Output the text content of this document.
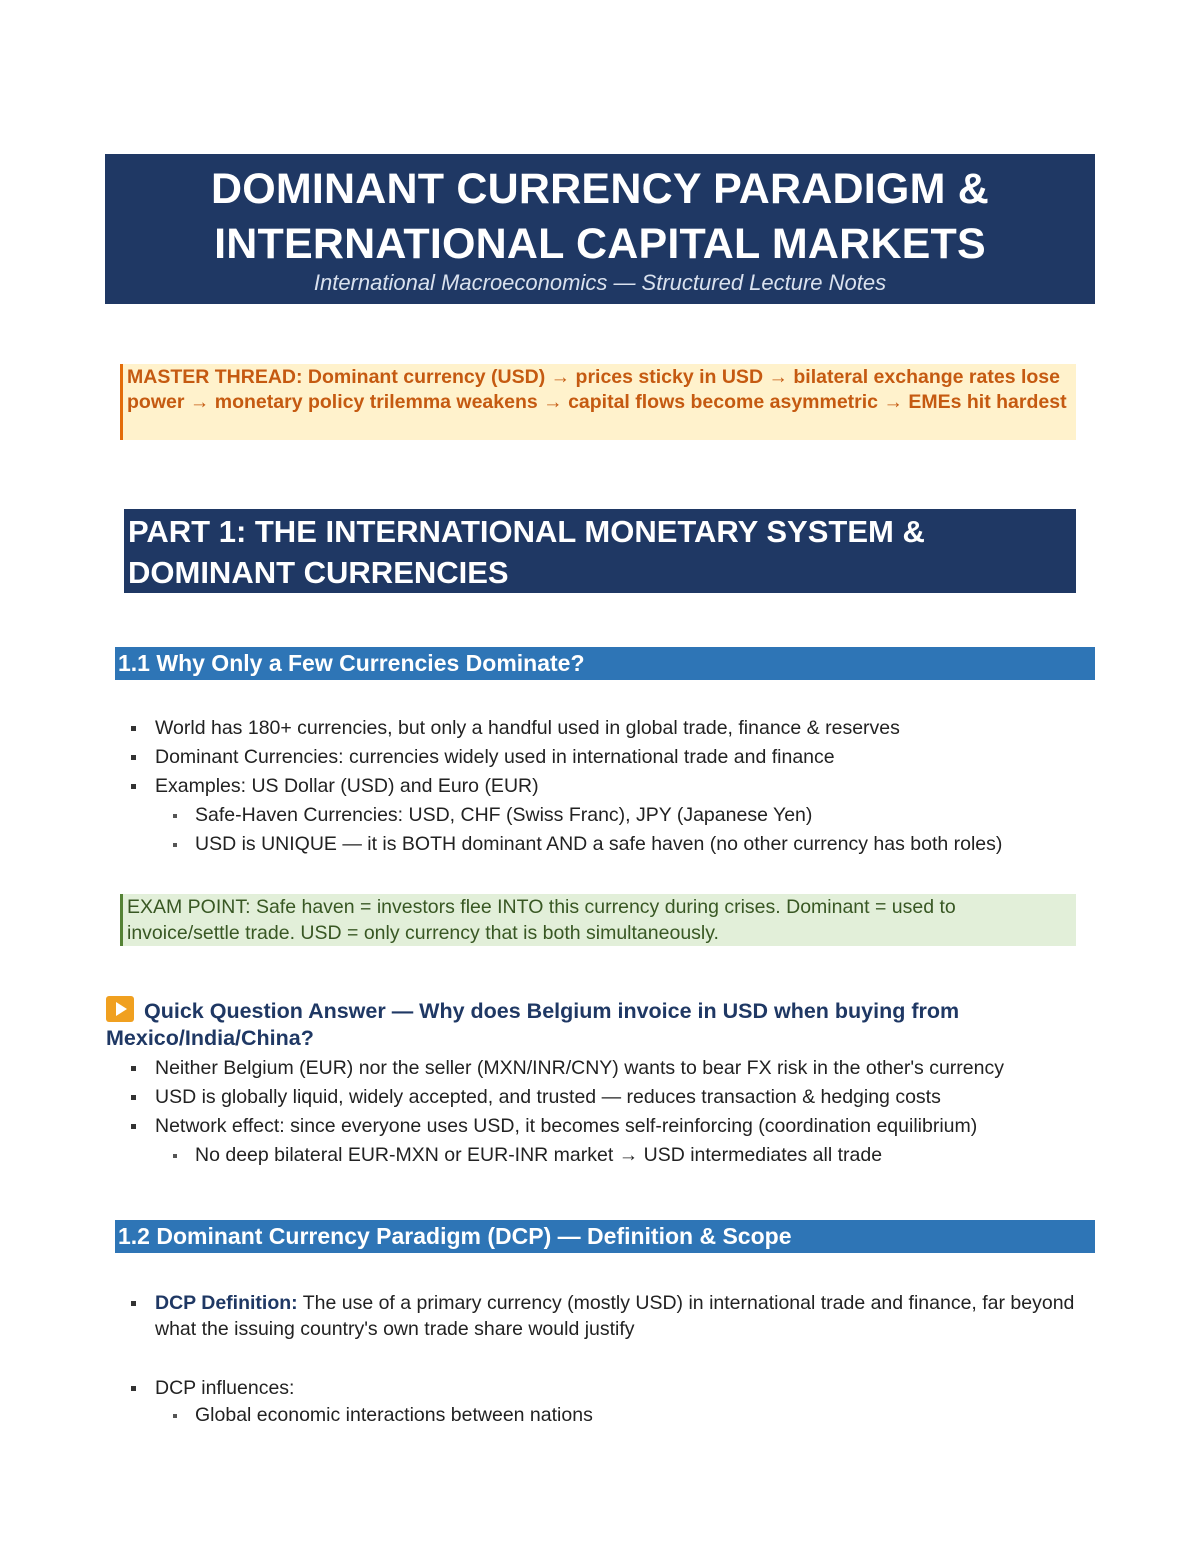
DOMINANT CURRENCY PARADIGM &
INTERNATIONAL CAPITAL MARKETS
International Macroeconomics — Structured Lecture Notes
MASTER THREAD: Dominant currency (USD) → prices sticky in USD → bilateral exchange rates lose power → monetary policy trilemma weakens → capital flows become asymmetric → EMEs hit hardest
PART 1: THE INTERNATIONAL MONETARY SYSTEM &
DOMINANT CURRENCIES
1.1 Why Only a Few Currencies Dominate?
World has 180+ currencies, but only a handful used in global trade, finance & reserves
Dominant Currencies: currencies widely used in international trade and finance
Examples: US Dollar (USD) and Euro (EUR)
Safe-Haven Currencies: USD, CHF (Swiss Franc), JPY (Japanese Yen)
USD is UNIQUE — it is BOTH dominant AND a safe haven (no other currency has both roles)
EXAM POINT: Safe haven = investors flee INTO this currency during crises. Dominant = used to invoice/settle trade. USD = only currency that is both simultaneously.
Quick Question Answer — Why does Belgium invoice in USD when buying from Mexico/India/China?
Neither Belgium (EUR) nor the seller (MXN/INR/CNY) wants to bear FX risk in the other's currency
USD is globally liquid, widely accepted, and trusted — reduces transaction & hedging costs
Network effect: since everyone uses USD, it becomes self-reinforcing (coordination equilibrium)
No deep bilateral EUR-MXN or EUR-INR market → USD intermediates all trade
1.2 Dominant Currency Paradigm (DCP) — Definition & Scope
DCP Definition: The use of a primary currency (mostly USD) in international trade and finance, far beyond what the issuing country's own trade share would justify
DCP influences:
Global economic interactions between nations
